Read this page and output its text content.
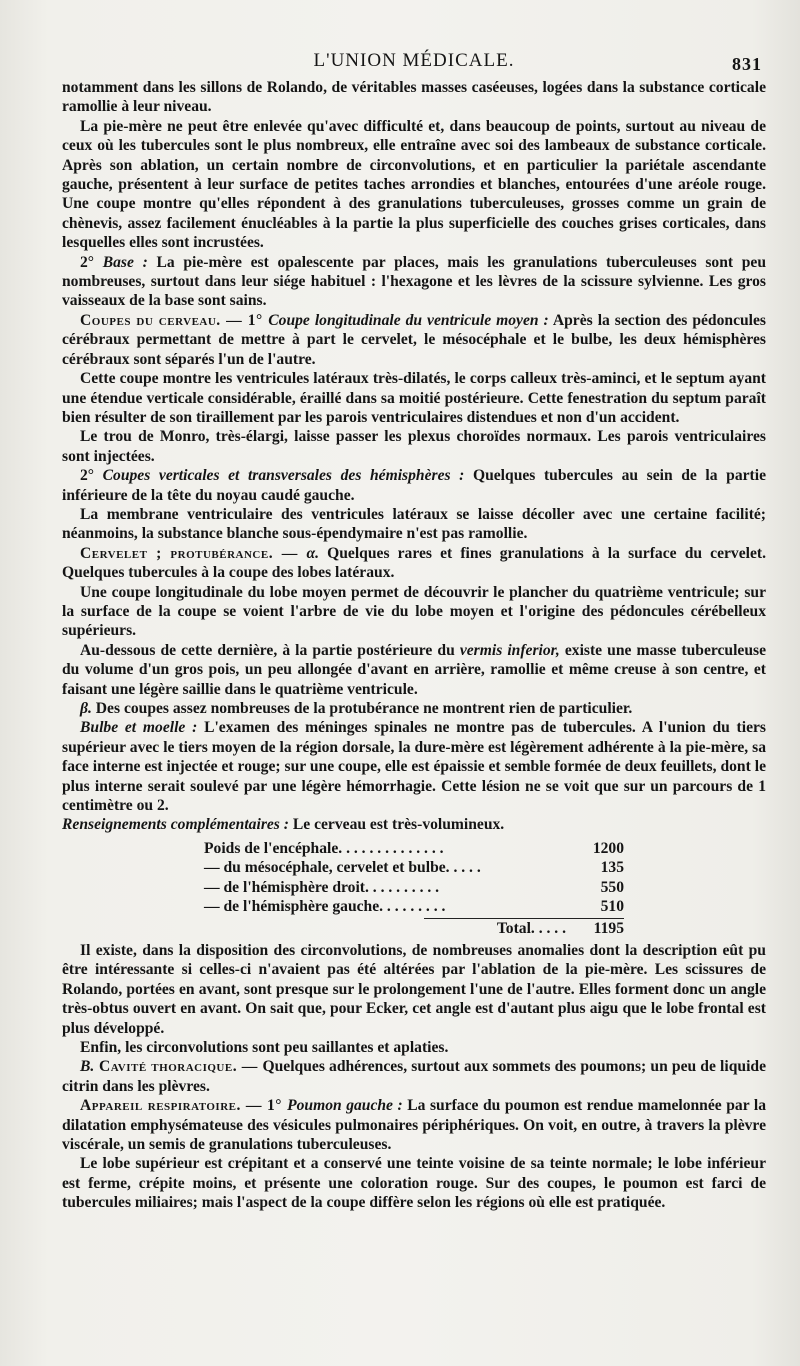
L'UNION MÉDICALE.	831

notamment dans les sillons de Rolando, de véritables masses caséeuses, logées dans la substance corticale ramollie à leur niveau.

La pie-mère ne peut être enlevée qu'avec difficulté et, dans beaucoup de points, surtout au niveau de ceux où les tubercules sont le plus nombreux, elle entraîne avec soi des lambeaux de substance corticale. Après son ablation, un certain nombre de circonvolutions, et en particulier la pariétale ascendante gauche, présentent à leur surface de petites taches arrondies et blanches, entourées d'une aréole rouge. Une coupe montre qu'elles répondent à des granulations tuberculeuses, grosses comme un grain de chènevis, assez facilement énucléables à la partie la plus superficielle des couches grises corticales, dans lesquelles elles sont incrustées.

2° Base : La pie-mère est opalescente par places, mais les granulations tuberculeuses sont peu nombreuses, surtout dans leur siége habituel : l'hexagone et les lèvres de la scissure sylvienne. Les gros vaisseaux de la base sont sains.

Coupes du cerveau. — 1° Coupe longitudinale du ventricule moyen : Après la section des pédoncules cérébraux permettant de mettre à part le cervelet, le mésocéphale et le bulbe, les deux hémisphères cérébraux sont séparés l'un de l'autre.

Cette coupe montre les ventricules latéraux très-dilatés, le corps calleux très-aminci, et le septum ayant une étendue verticale considérable, éraillé dans sa moitié postérieure. Cette fenestration du septum paraît bien résulter de son tiraillement par les parois ventriculaires distendues et non d'un accident.

Le trou de Monro, très-élargi, laisse passer les plexus choroïdes normaux. Les parois ventriculaires sont injectées.

2° Coupes verticales et transversales des hémisphères : Quelques tubercules au sein de la partie inférieure de la tête du noyau caudé gauche.

La membrane ventriculaire des ventricules latéraux se laisse décoller avec une certaine facilité; néanmoins, la substance blanche sous-épendymaire n'est pas ramollie.

Cervelet ; protubérance. — α. Quelques rares et fines granulations à la surface du cervelet. Quelques tubercules à la coupe des lobes latéraux.

Une coupe longitudinale du lobe moyen permet de découvrir le plancher du quatrième ventricule; sur la surface de la coupe se voient l'arbre de vie du lobe moyen et l'origine des pédoncules cérébelleux supérieurs.

Au-dessous de cette dernière, à la partie postérieure du vermis inferior, existe une masse tuberculeuse du volume d'un gros pois, un peu allongée d'avant en arrière, ramollie et même creuse à son centre, et faisant une légère saillie dans le quatrième ventricule.

β. Des coupes assez nombreuses de la protubérance ne montrent rien de particulier.

Bulbe et moelle : L'examen des méninges spinales ne montre pas de tubercules. A l'union du tiers supérieur avec le tiers moyen de la région dorsale, la dure-mère est légèrement adhérente à la pie-mère, sa face interne est injectée et rouge; sur une coupe, elle est épaissie et semble formée de deux feuillets, dont le plus interne serait soulevé par une légère hémorrhagie. Cette lésion ne se voit que sur un parcours de 1 centimètre ou 2.

Renseignements complémentaires : Le cerveau est très-volumineux.

Poids de l'encéphale. . . . . . . . . . . . . .	1200
— du mésocéphale, cervelet et bulbe. . . . .	135
— de l'hémisphère droit. . . . . . . . . .	550
— de l'hémisphère gauche. . . . . . . . .	510
Total. . . . .	1195

Il existe, dans la disposition des circonvolutions, de nombreuses anomalies dont la description eût pu être intéressante si celles-ci n'avaient pas été altérées par l'ablation de la pie-mère. Les scissures de Rolando, portées en avant, sont presque sur le prolongement l'une de l'autre. Elles forment donc un angle très-obtus ouvert en avant. On sait que, pour Ecker, cet angle est d'autant plus aigu que le lobe frontal est plus développé.

Enfin, les circonvolutions sont peu saillantes et aplaties.

B. Cavité thoracique. — Quelques adhérences, surtout aux sommets des poumons; un peu de liquide citrin dans les plèvres.

Appareil respiratoire. — 1° Poumon gauche : La surface du poumon est rendue mamelonnée par la dilatation emphysémateuse des vésicules pulmonaires périphériques. On voit, en outre, à travers la plèvre viscérale, un semis de granulations tuberculeuses.

Le lobe supérieur est crépitant et a conservé une teinte voisine de sa teinte normale; le lobe inférieur est ferme, crépite moins, et présente une coloration rouge. Sur des coupes, le poumon est farci de tubercules miliaires; mais l'aspect de la coupe diffère selon les régions où elle est pratiquée.
